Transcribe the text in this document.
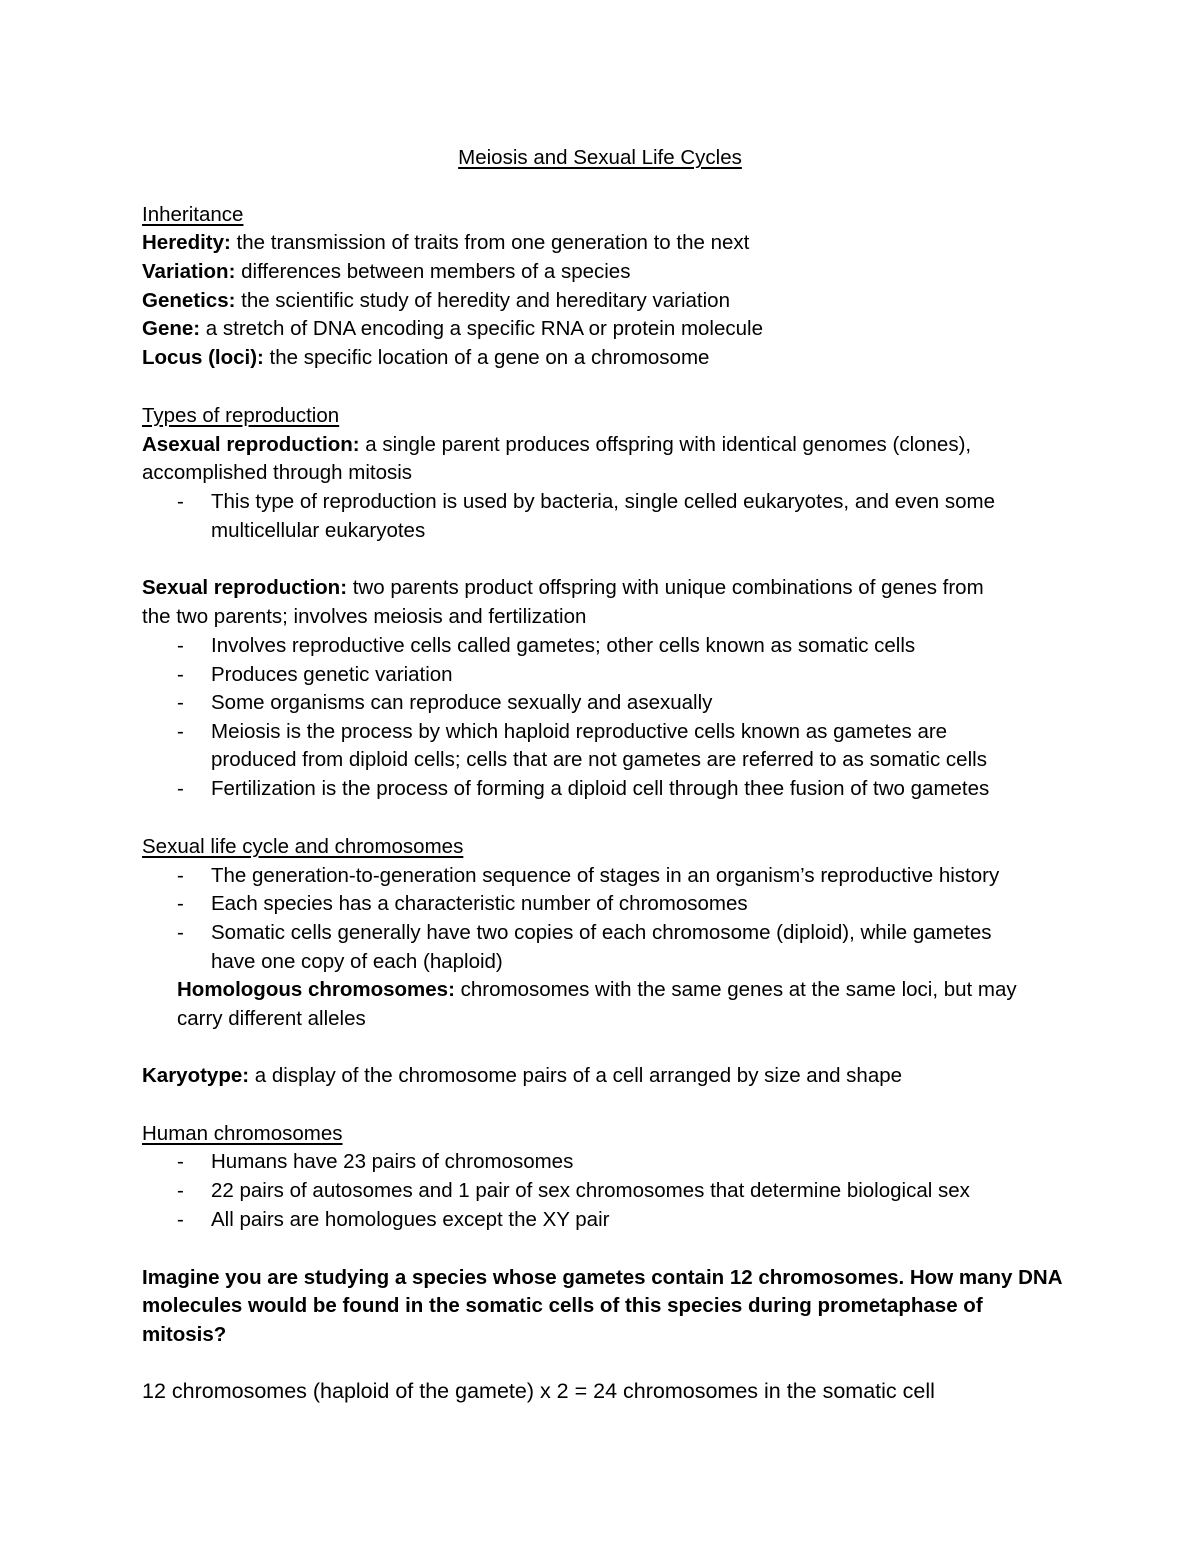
Meiosis and Sexual Life Cycles
Inheritance
Heredity: the transmission of traits from one generation to the next
Variation: differences between members of a species
Genetics: the scientific study of heredity and hereditary variation
Gene: a stretch of DNA encoding a specific RNA or protein molecule
Locus (loci): the specific location of a gene on a chromosome
Types of reproduction
Asexual reproduction: a single parent produces offspring with identical genomes (clones),
accomplished through mitosis
- This type of reproduction is used by bacteria, single celled eukaryotes, and even some
multicellular eukaryotes
Sexual reproduction: two parents product offspring with unique combinations of genes from
the two parents; involves meiosis and fertilization
- Involves reproductive cells called gametes; other cells known as somatic cells
- Produces genetic variation
- Some organisms can reproduce sexually and asexually
- Meiosis is the process by which haploid reproductive cells known as gametes are
produced from diploid cells; cells that are not gametes are referred to as somatic cells
- Fertilization is the process of forming a diploid cell through thee fusion of two gametes
Sexual life cycle and chromosomes
- The generation-to-generation sequence of stages in an organism’s reproductive history
- Each species has a characteristic number of chromosomes
- Somatic cells generally have two copies of each chromosome (diploid), while gametes
have one copy of each (haploid)
Homologous chromosomes: chromosomes with the same genes at the same loci, but may
carry different alleles
Karyotype: a display of the chromosome pairs of a cell arranged by size and shape
Human chromosomes
- Humans have 23 pairs of chromosomes
- 22 pairs of autosomes and 1 pair of sex chromosomes that determine biological sex
- All pairs are homologues except the XY pair
Imagine you are studying a species whose gametes contain 12 chromosomes. How many DNA
molecules would be found in the somatic cells of this species during prometaphase of
mitosis?
12 chromosomes (haploid of the gamete) x 2 = 24 chromosomes in the somatic cell
